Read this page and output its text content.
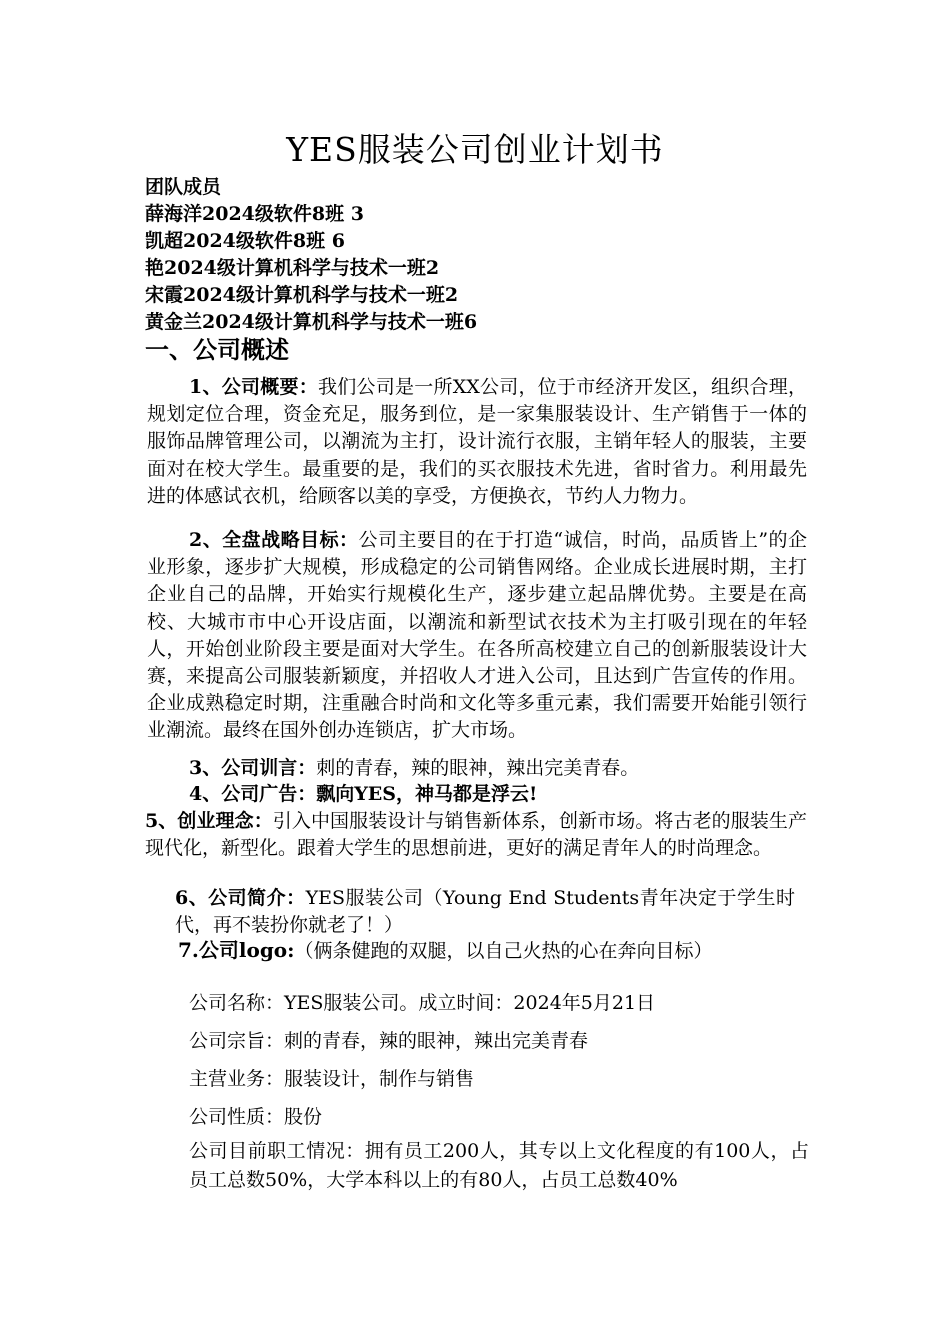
YES服装公司创业计划书
团队成员
薛海洋2024级软件8班 3
凯超2024级软件8班 6
艳2024级计算机科学与技术一班2
宋霞2024级计算机科学与技术一班2
黄金兰2024级计算机科学与技术一班6
一、公司概述
1、公司概要：我们公司是一所XX公司，位于市经济开发区，组织合理，规划定位合理，资金充足，服务到位，是一家集服装设计、生产销售于一体的服饰品牌管理公司，以潮流为主打，设计流行衣服，主销年轻人的服装，主要面对在校大学生。最重要的是，我们的买衣服技术先进，省时省力。利用最先进的体感试衣机，给顾客以美的享受，方便换衣，节约人力物力。
2、全盘战略目标：公司主要目的在于打造“诚信，时尚，品质皆上”的企业形象，逐步扩大规模，形成稳定的公司销售网络。企业成长进展时期，主打企业自己的品牌，开始实行规模化生产，逐步建立起品牌优势。主要是在高校、大城市市中心开设店面，以潮流和新型试衣技术为主打吸引现在的年轻人，开始创业阶段主要是面对大学生。在各所高校建立自己的创新服装设计大赛，来提高公司服装新颖度，并招收人才进入公司，且达到广告宣传的作用。企业成熟稳定时期，注重融合时尚和文化等多重元素，我们需要开始能引领行业潮流。最终在国外创办连锁店，扩大市场。
3、公司训言：刺的青春，辣的眼神，辣出完美青春。
4、公司广告：飘向YES，神马都是浮云!
5、创业理念：引入中国服装设计与销售新体系，创新市场。将古老的服装生产现代化，新型化。跟着大学生的思想前进，更好的满足青年人的时尚理念。
6、公司简介：YES服装公司（Young End Students青年决定于学生时代，再不装扮你就老了！）
7.公司logo:（俩条健跑的双腿，以自己火热的心在奔向目标）
公司名称：YES服装公司。成立时间：2024年5月21日
公司宗旨：刺的青春，辣的眼神，辣出完美青春
主营业务：服装设计，制作与销售
公司性质：股份
公司目前职工情况：拥有员工200人，其专以上文化程度的有100人，占员工总数50%，大学本科以上的有80人，占员工总数40%
